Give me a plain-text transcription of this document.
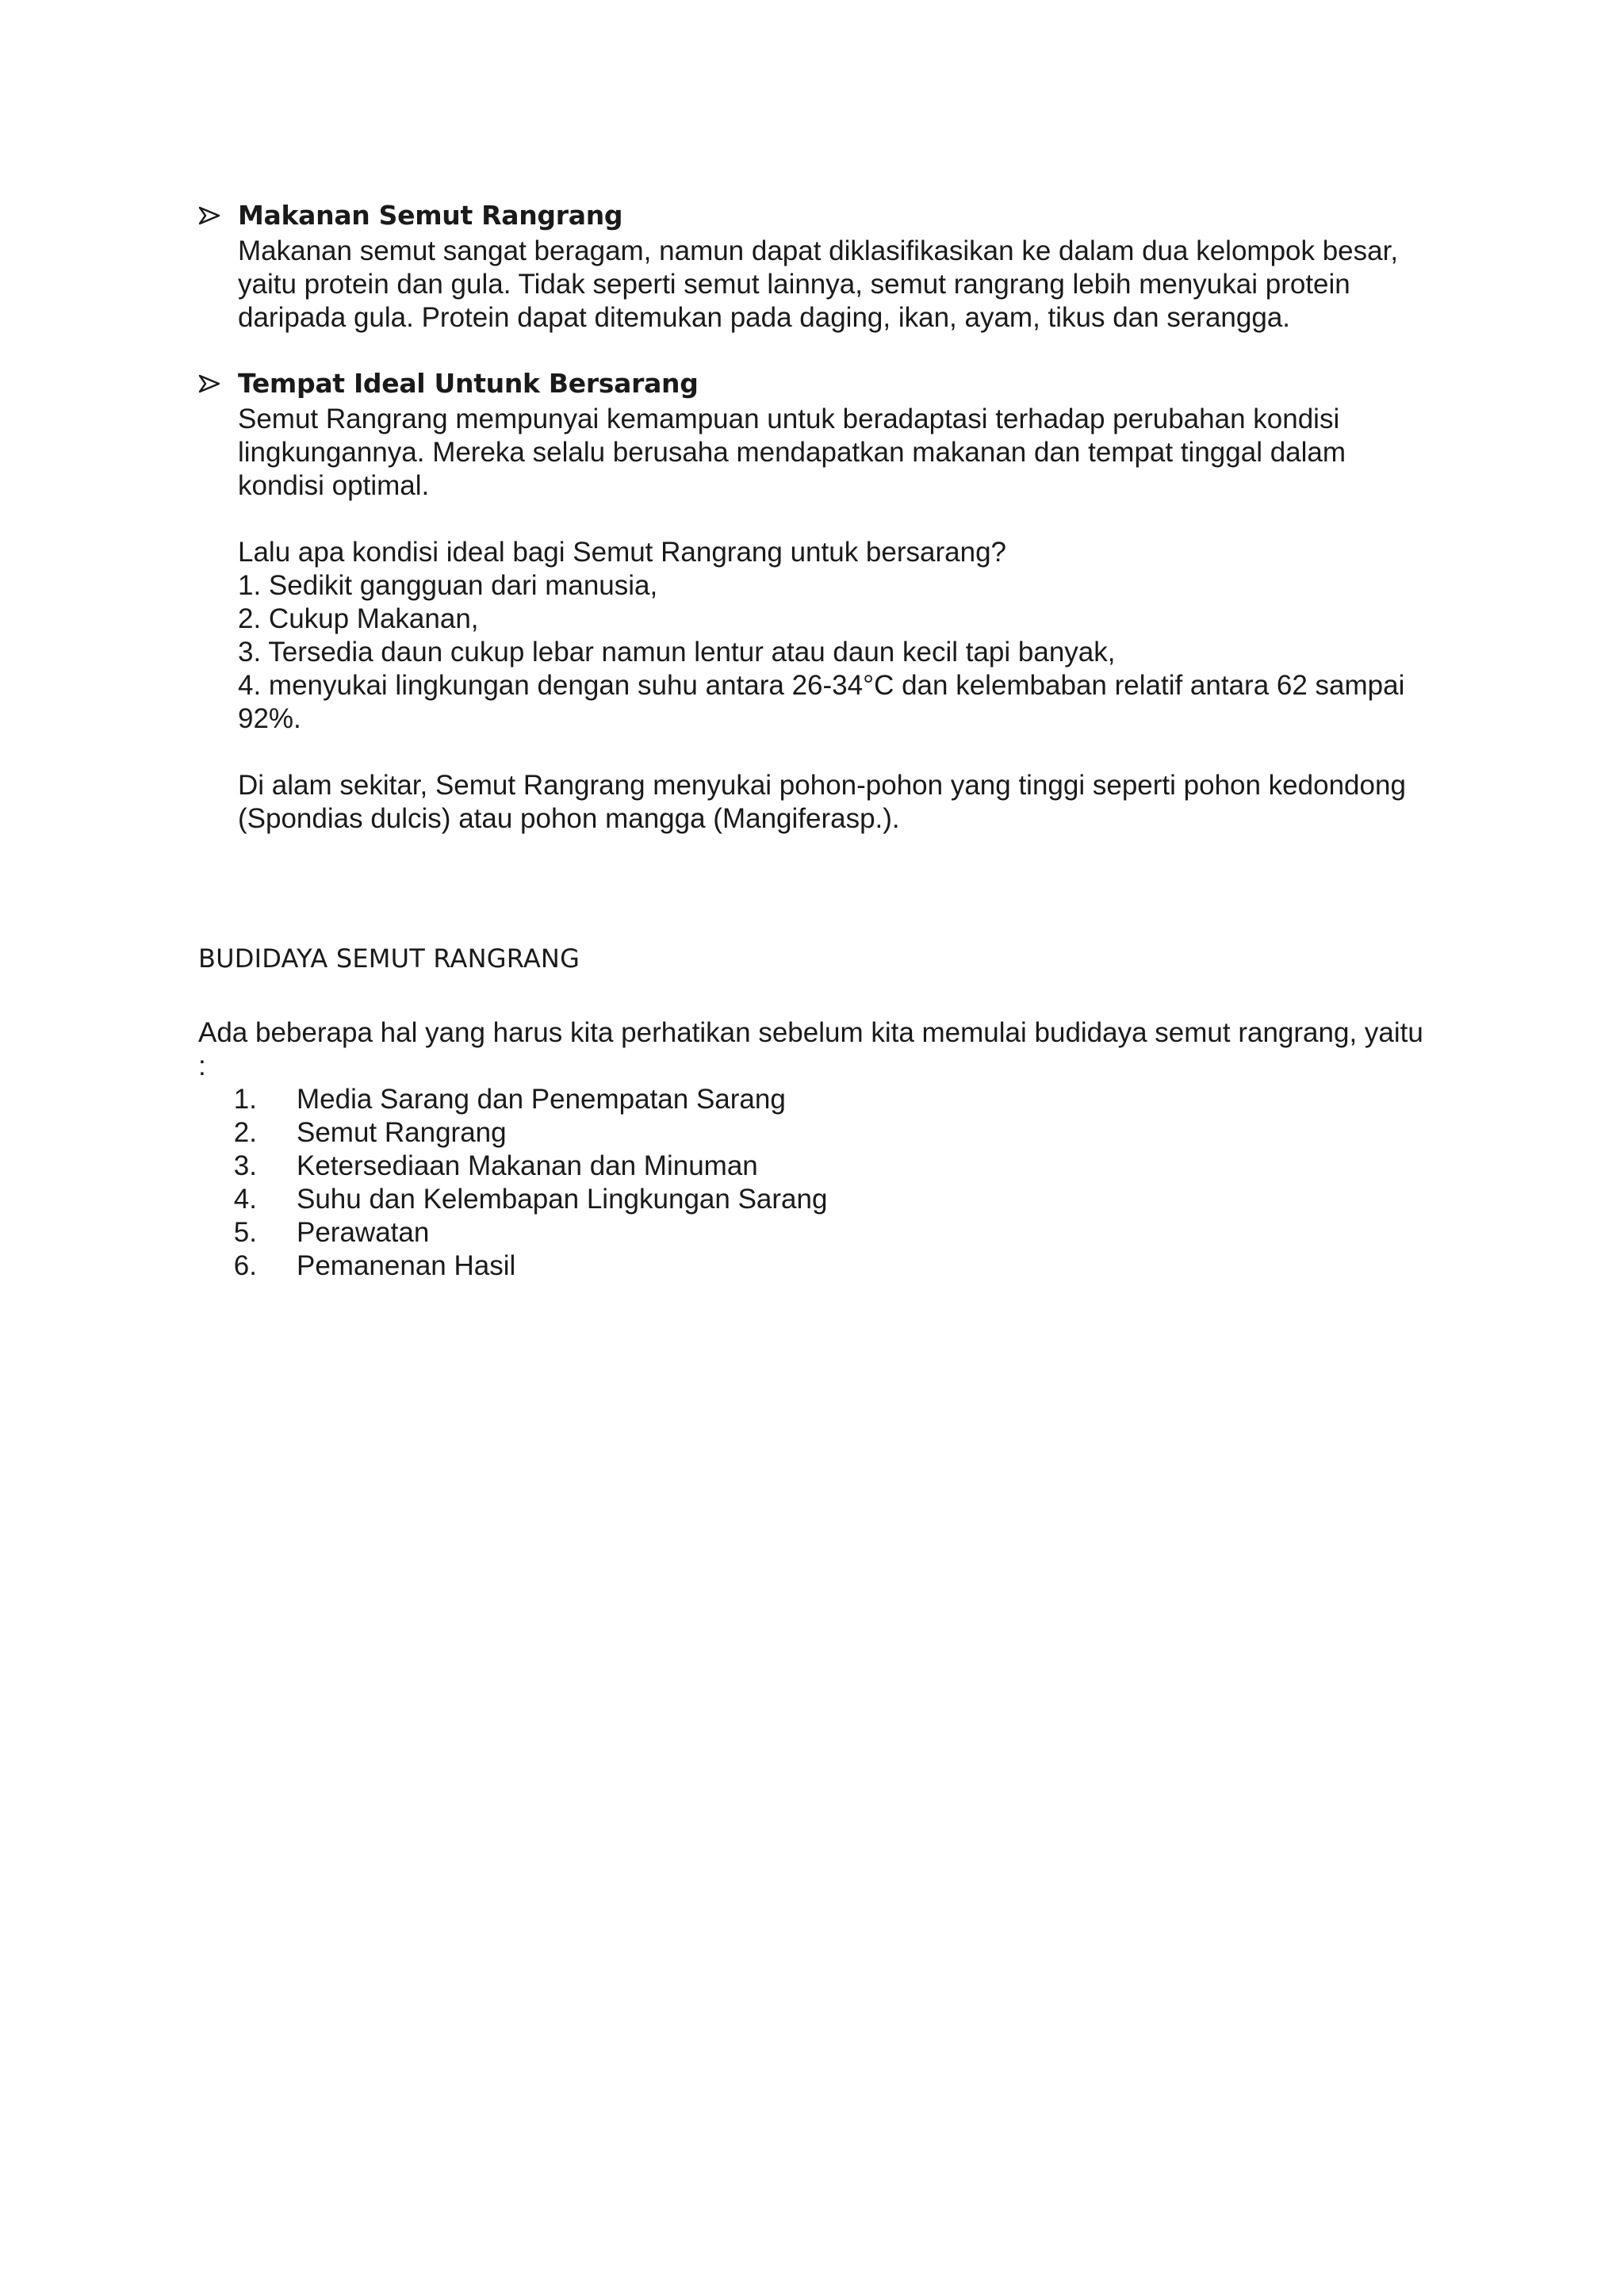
Makanan Semut Rangrang

Makanan semut sangat beragam, namun dapat diklasifikasikan ke dalam dua kelompok besar, yaitu protein dan gula. Tidak seperti semut lainnya, semut rangrang lebih menyukai protein daripada gula. Protein dapat ditemukan pada daging, ikan, ayam, tikus dan serangga.

Tempat Ideal Untunk Bersarang

Semut Rangrang mempunyai kemampuan untuk beradaptasi terhadap perubahan kondisi lingkungannya. Mereka selalu berusaha mendapatkan makanan dan tempat tinggal dalam kondisi optimal.

Lalu apa kondisi ideal bagi Semut Rangrang untuk bersarang?

1. Sedikit gangguan dari manusia,
2. Cukup Makanan,
3. Tersedia daun cukup lebar namun lentur atau daun kecil tapi banyak,
4. menyukai lingkungan dengan suhu antara 26-34°C dan kelembaban relatif antara 62 sampai 92%.

Di alam sekitar, Semut Rangrang menyukai pohon-pohon yang tinggi seperti pohon kedondong (Spondias dulcis) atau pohon mangga (Mangiferasp.).

BUDIDAYA SEMUT RANGRANG

Ada beberapa hal yang harus kita perhatikan sebelum kita memulai budidaya semut rangrang, yaitu :

1. Media Sarang dan Penempatan Sarang
2. Semut Rangrang
3. Ketersediaan Makanan dan Minuman
4. Suhu dan Kelembapan Lingkungan Sarang
5. Perawatan
6. Pemanenan Hasil
